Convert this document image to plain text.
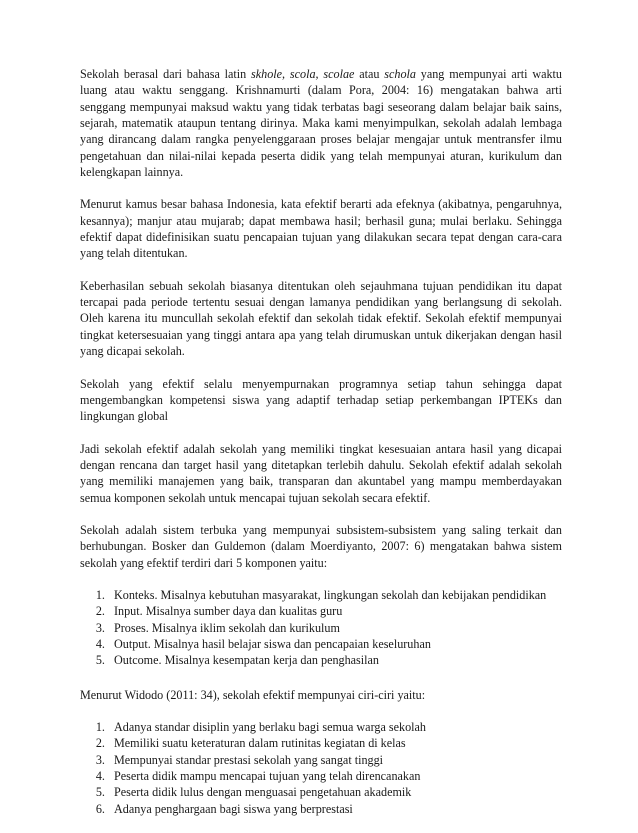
Sekolah berasal dari bahasa latin skhole, scola, scolae atau schola yang mempunyai arti waktu luang atau waktu senggang. Krishnamurti (dalam Pora, 2004: 16) mengatakan bahwa arti senggang mempunyai maksud waktu yang tidak terbatas bagi seseorang dalam belajar baik sains, sejarah, matematik ataupun tentang dirinya. Maka kami menyimpulkan, sekolah adalah lembaga yang dirancang dalam rangka penyelenggaraan proses belajar mengajar untuk mentransfer ilmu pengetahuan dan nilai-nilai kepada peserta didik yang telah mempunyai aturan, kurikulum dan kelengkapan lainnya.

Menurut kamus besar bahasa Indonesia, kata efektif berarti ada efeknya (akibatnya, pengaruhnya, kesannya); manjur atau mujarab; dapat membawa hasil; berhasil guna; mulai berlaku. Sehingga efektif dapat didefinisikan suatu pencapaian tujuan yang dilakukan secara tepat dengan cara-cara yang telah ditentukan.

Keberhasilan sebuah sekolah biasanya ditentukan oleh sejauhmana tujuan pendidikan itu dapat tercapai pada periode tertentu sesuai dengan lamanya pendidikan yang berlangsung di sekolah. Oleh karena itu muncullah sekolah efektif dan sekolah tidak efektif. Sekolah efektif mempunyai tingkat ketersesuaian yang tinggi antara apa yang telah dirumuskan untuk dikerjakan dengan hasil yang dicapai sekolah.

Sekolah yang efektif selalu menyempurnakan programnya setiap tahun sehingga dapat mengembangkan kompetensi siswa yang adaptif terhadap setiap perkembangan IPTEKs dan lingkungan global

Jadi sekolah efektif adalah sekolah yang memiliki tingkat kesesuaian antara hasil yang dicapai dengan rencana dan target hasil yang ditetapkan terlebih dahulu. Sekolah efektif adalah sekolah yang memiliki manajemen yang baik, transparan dan akuntabel yang mampu memberdayakan semua komponen sekolah untuk mencapai tujuan sekolah secara efektif.

Sekolah adalah sistem terbuka yang mempunyai subsistem-subsistem yang saling terkait dan berhubungan. Bosker dan Guldemon (dalam Moerdiyanto, 2007: 6) mengatakan bahwa sistem sekolah yang efektif terdiri dari 5 komponen yaitu:

1. Konteks. Misalnya kebutuhan masyarakat, lingkungan sekolah dan kebijakan pendidikan
2. Input. Misalnya sumber daya dan kualitas guru
3. Proses. Misalnya iklim sekolah dan kurikulum
4. Output. Misalnya hasil belajar siswa dan pencapaian keseluruhan
5. Outcome. Misalnya kesempatan kerja dan penghasilan

Menurut Widodo (2011: 34), sekolah efektif mempunyai ciri-ciri yaitu:

1. Adanya standar disiplin yang berlaku bagi semua warga sekolah
2. Memiliki suatu keteraturan dalam rutinitas kegiatan di kelas
3. Mempunyai standar prestasi sekolah yang sangat tinggi
4. Peserta didik mampu mencapai tujuan yang telah direncanakan
5. Peserta didik lulus dengan menguasai pengetahuan akademik
6. Adanya penghargaan bagi siswa yang berprestasi
